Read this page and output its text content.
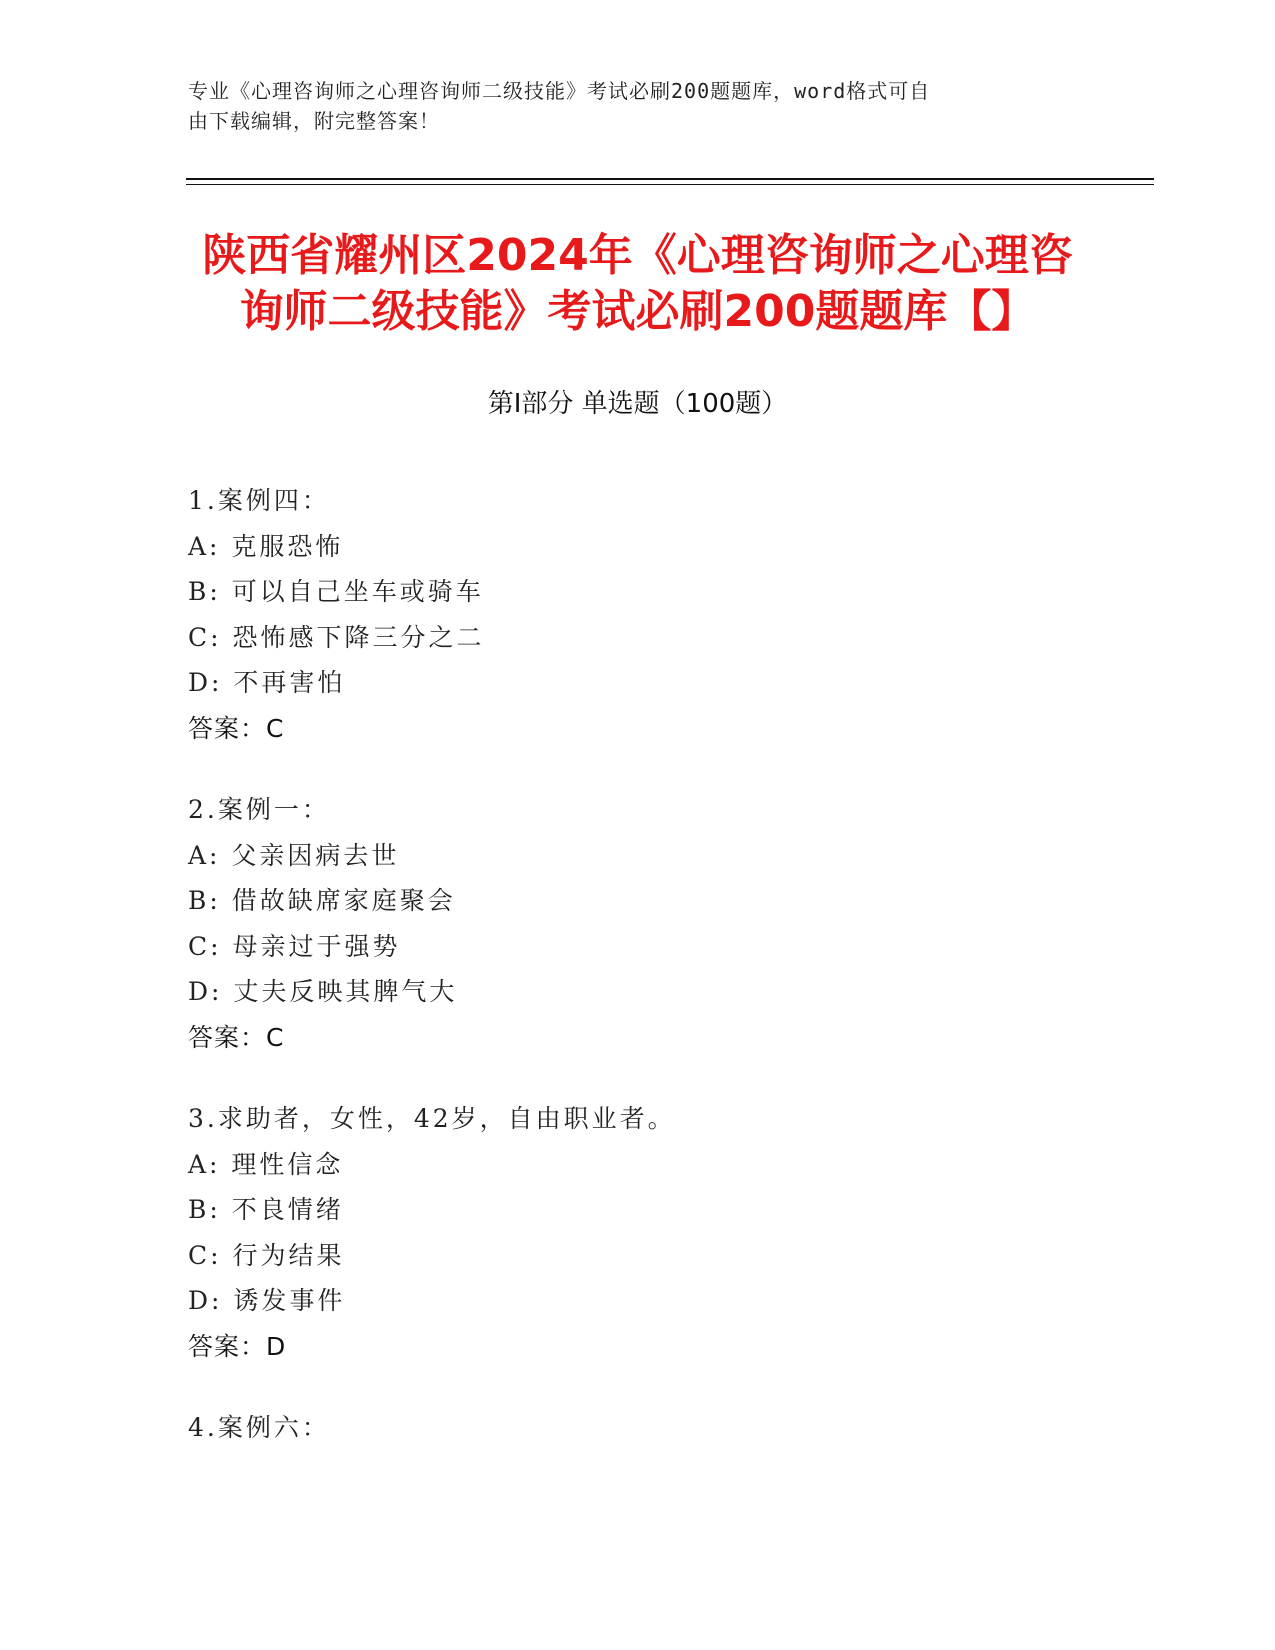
专业《心理咨询师之心理咨询师二级技能》考试必刷200题题库，word格式可自
由下载编辑，附完整答案！
陕西省耀州区2024年《心理咨询师之心理咨
询师二级技能》考试必刷200题题库【】
第Ⅰ部分 单选题（100题）
1.案例四：
A: 克服恐怖
B: 可以自己坐车或骑车
C: 恐怖感下降三分之二
D: 不再害怕
答案：C
2.案例一：
A: 父亲因病去世
B: 借故缺席家庭聚会
C: 母亲过于强势
D: 丈夫反映其脾气大
答案：C
3.求助者，女性，42岁，自由职业者。
A: 理性信念
B: 不良情绪
C: 行为结果
D: 诱发事件
答案：D
4.案例六：
